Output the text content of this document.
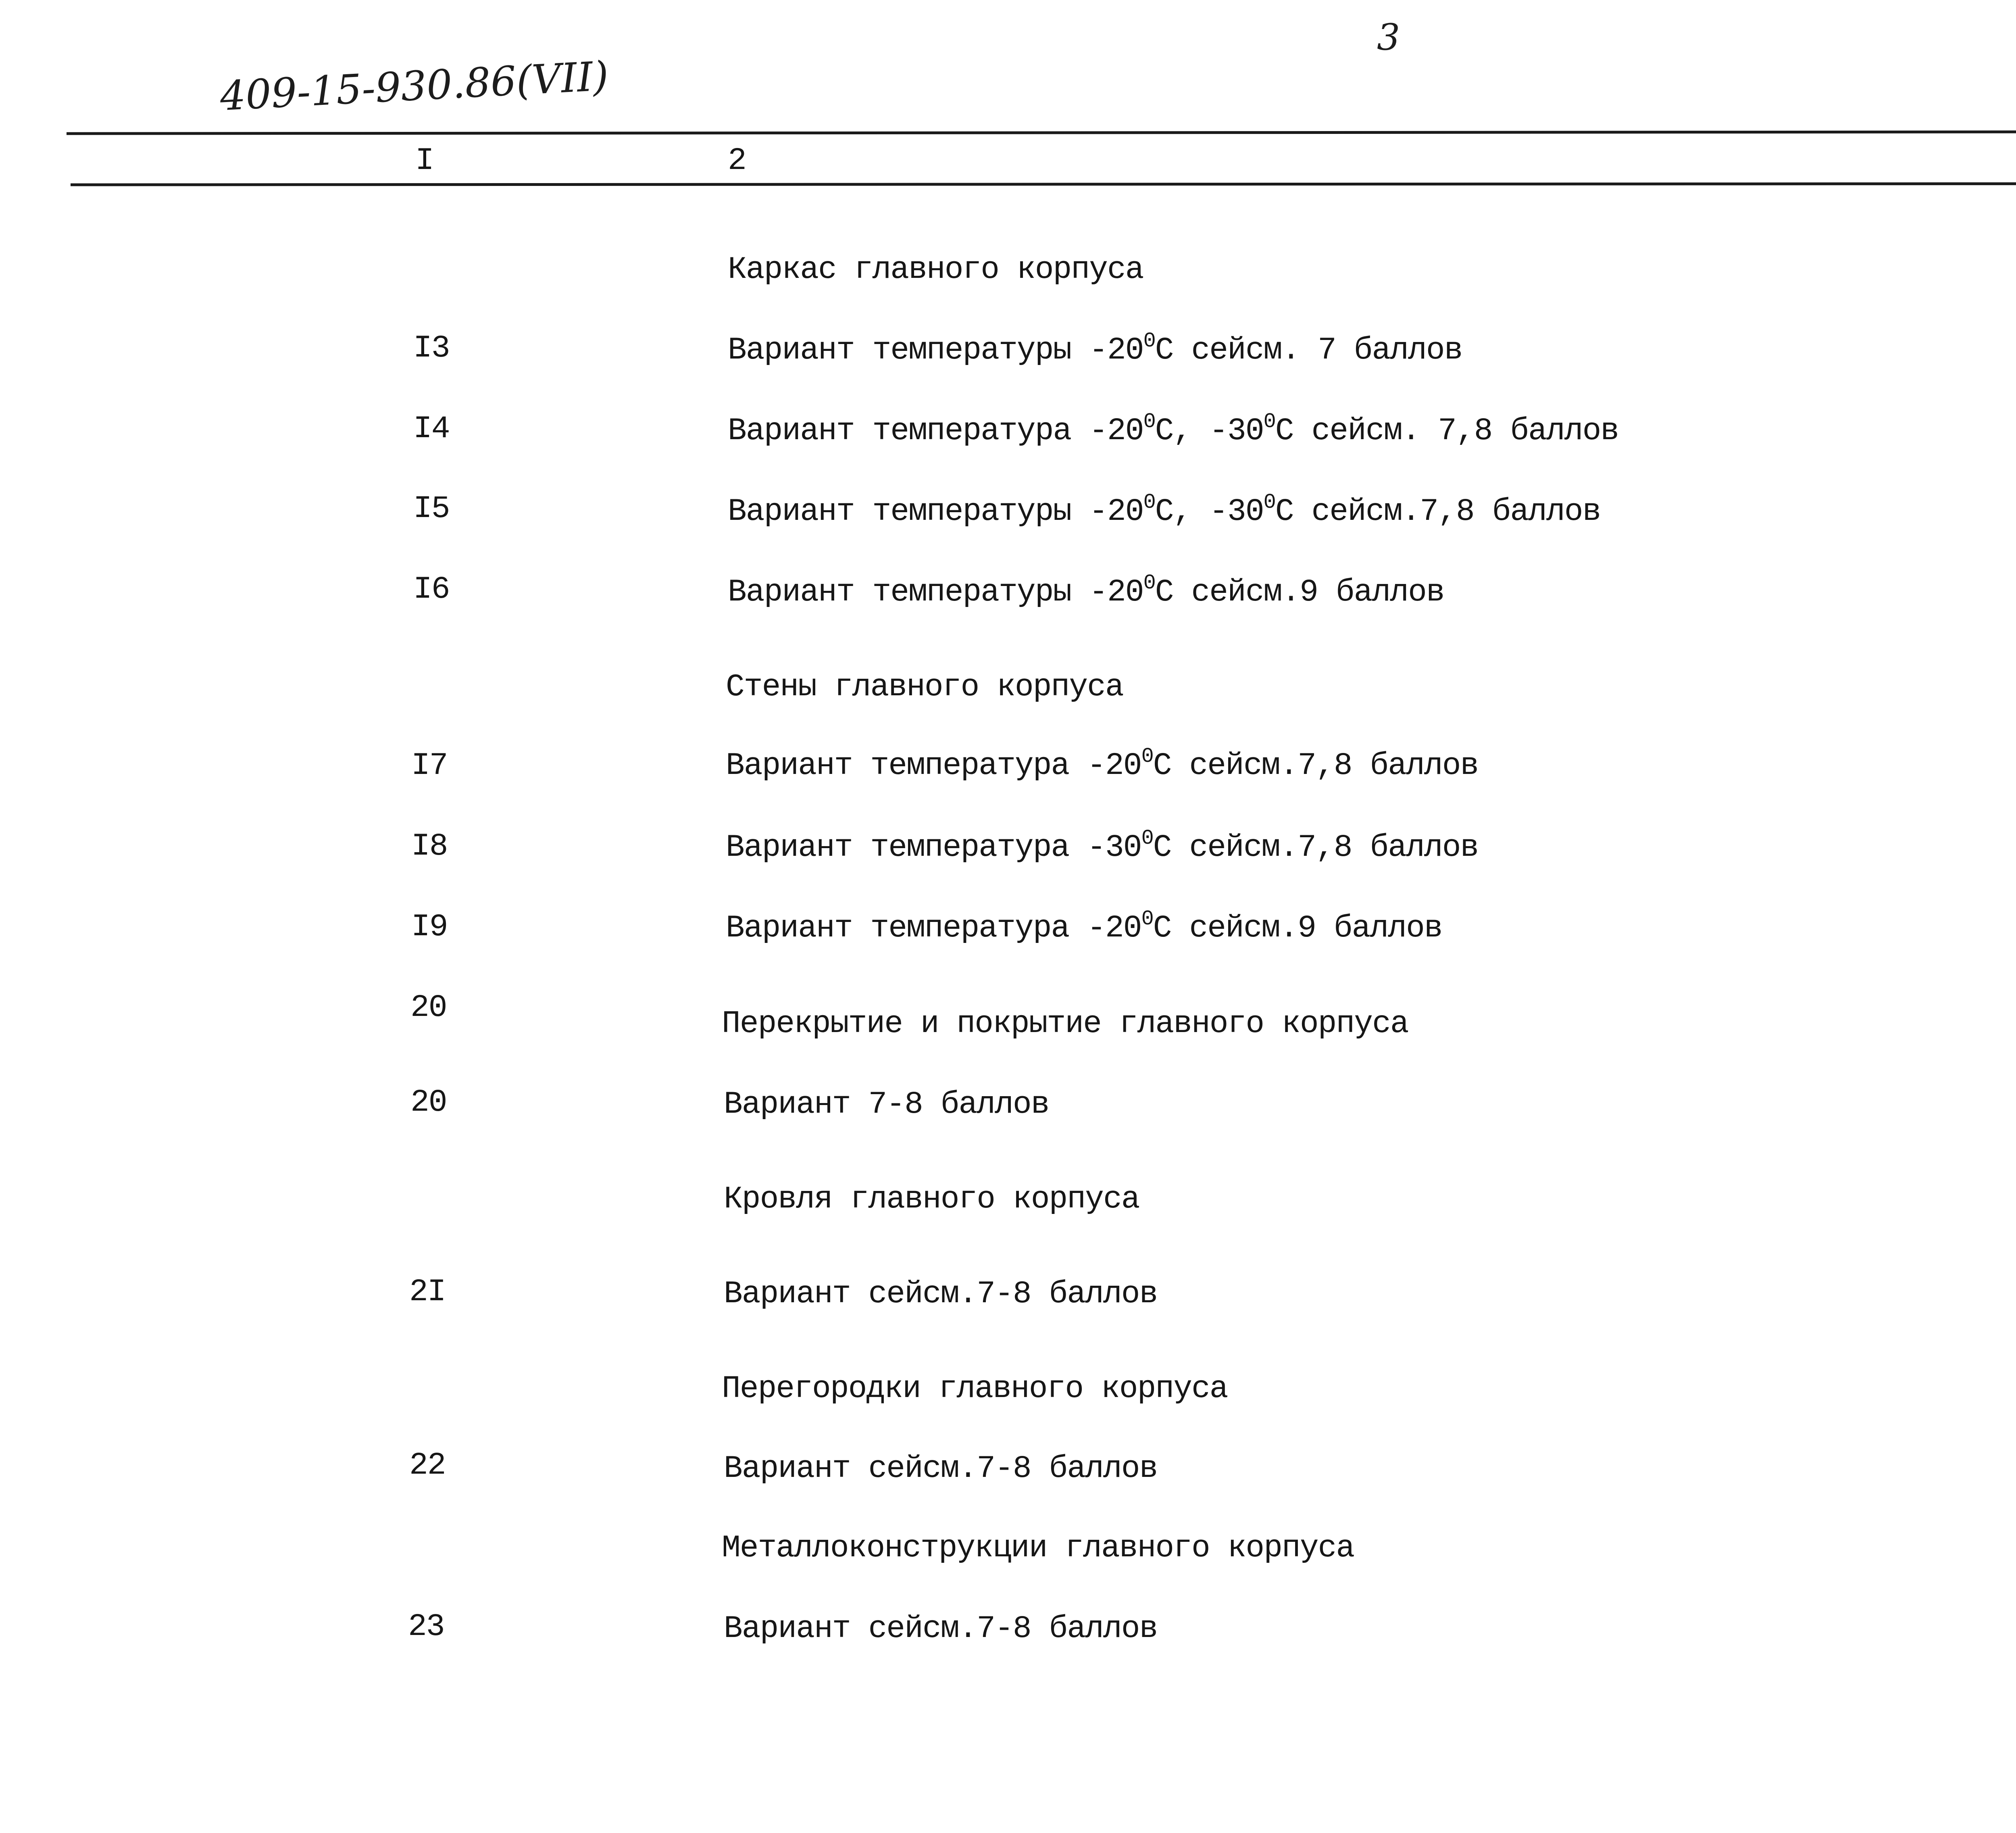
3
409-15-930.86(VII)
I	2
Каркас главного корпуса
I3	Вариант температуры $-20^0С$ сейсм. 7 баллов
I4	Вариант температура $-20^0С$, $-30^0С$ сейсм. 7,8 баллов
I5	Вариант температуры $-20^0С$, $-30^0С$ сейсм.7,8 баллов
I6	Вариант температуры $-20^0С$ сейсм.9 баллов
Стены главного корпуса
I7	Вариант температура $-20^0С$ сейсм.7,8 баллов
I8	Вариант температура $-30^0С$ сейсм.7,8 баллов
I9	Вариант температура $-20^0С$ сейсм.9 баллов
20	Перекрытие и покрытие главного корпуса
20	Вариант 7-8 баллов
Кровля главного корпуса
2I	Вариант сейсм.7-8 баллов
Перегородки главного корпуса
22	Вариант сейсм.7-8 баллов
Металлоконструкции главного корпуса
23	Вариант сейсм.7-8 баллов
